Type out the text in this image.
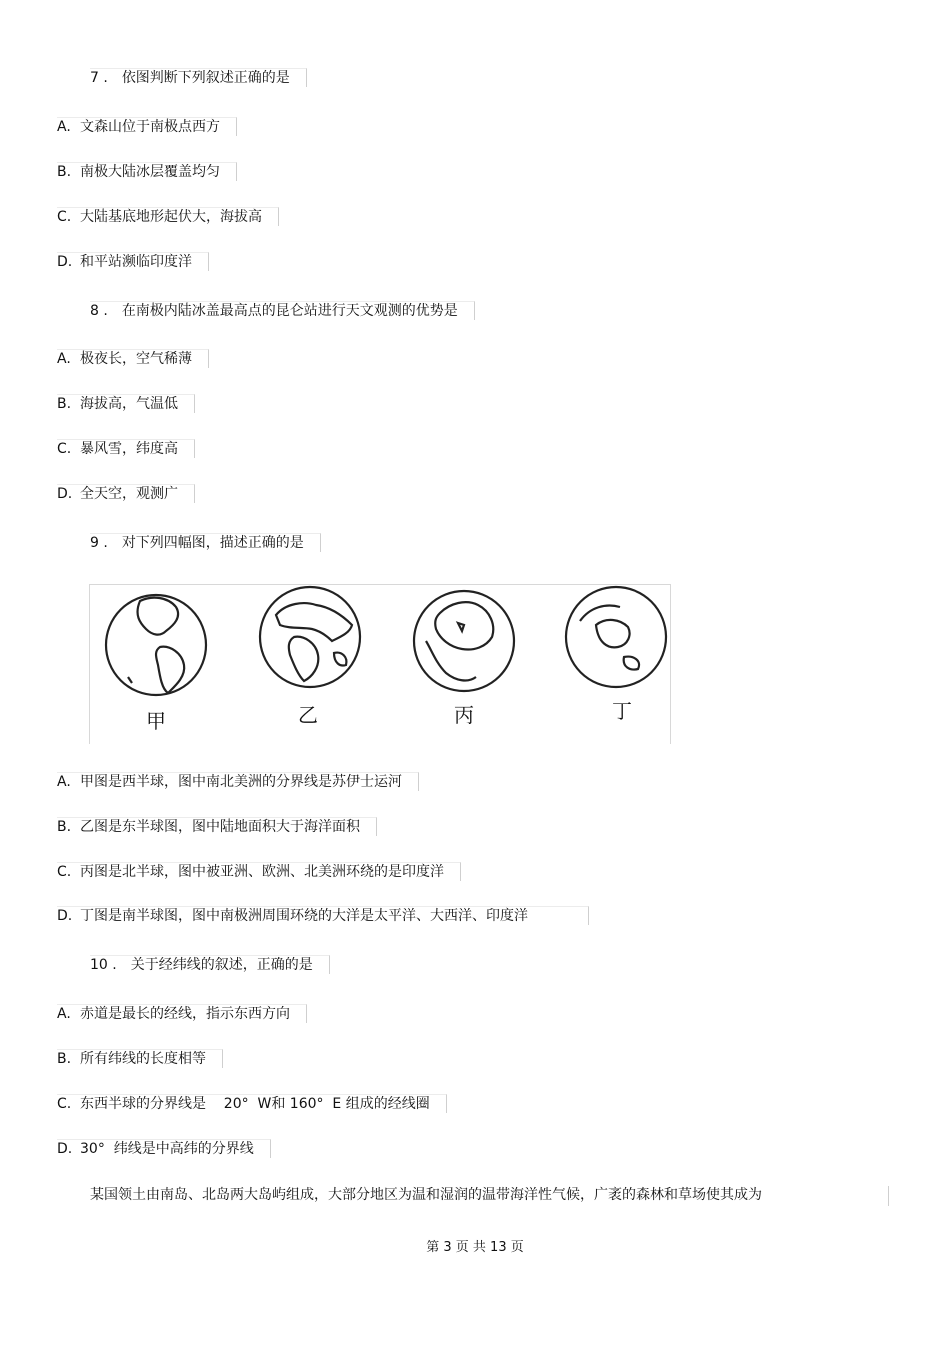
7 . 依图判断下列叙述正确的是
A. 文森山位于南极点西方
B. 南极大陆冰层覆盖均匀
C. 大陆基底地形起伏大，海拔高
D. 和平站濒临印度洋
8 . 在南极内陆冰盖最高点的昆仑站进行天文观测的优势是
A. 极夜长，空气稀薄
B. 海拔高，气温低
C. 暴风雪，纬度高
D. 全天空，观测广
9 . 对下列四幅图，描述正确的是
甲	乙	丙	丁
A. 甲图是西半球，图中南北美洲的分界线是苏伊士运河
B. 乙图是东半球图，图中陆地面积大于海洋面积
C. 丙图是北半球，图中被亚洲、欧洲、北美洲环绕的是印度洋
D. 丁图是南半球图，图中南极洲周围环绕的大洋是太平洋、大西洋、印度洋
10 . 关于经纬线的叙述，正确的是
A. 赤道是最长的经线，指示东西方向
B. 所有纬线的长度相等
C. 东西半球的分界线是    20°  W和 160°  E 组成的经线圈
D. 30°  纬线是中高纬的分界线
某国领土由南岛、北岛两大岛屿组成，大部分地区为温和湿润的温带海洋性气候，广袤的森林和草场使其成为
第 3 页 共 13 页
